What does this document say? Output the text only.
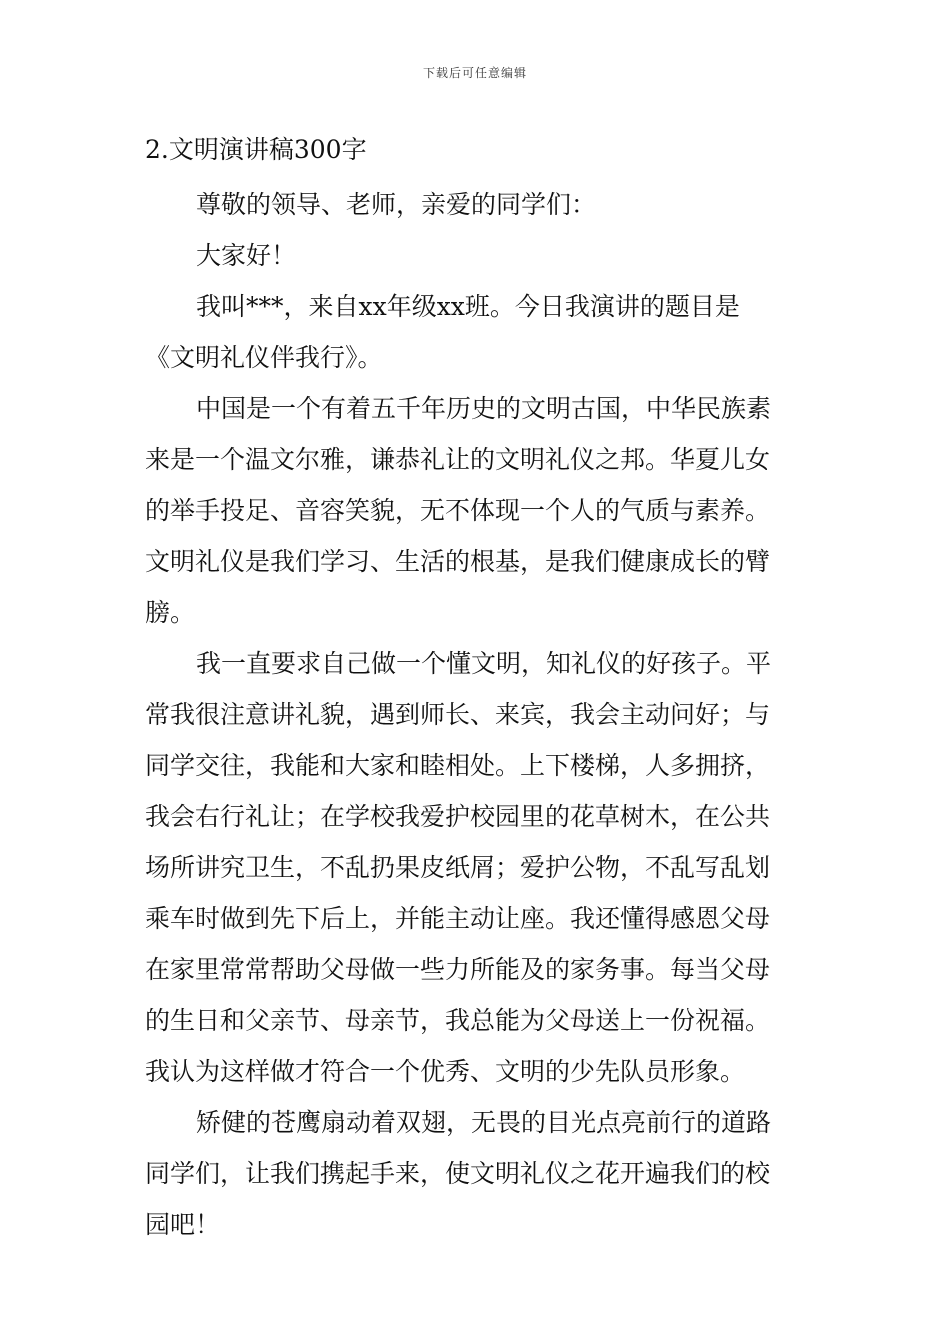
下载后可任意编辑

2.文明演讲稿300字

尊敬的领导、老师，亲爱的同学们：

大家好！

我叫***，来自xx年级xx班。今日我演讲的题目是

《文明礼仪伴我行》。

中国是一个有着五千年历史的文明古国，中华民族素

来是一个温文尔雅，谦恭礼让的文明礼仪之邦。华夏儿女

的举手投足、音容笑貌，无不体现一个人的气质与素养。

文明礼仪是我们学习、生活的根基，是我们健康成长的臂

膀。

我一直要求自己做一个懂文明，知礼仪的好孩子。平

常我很注意讲礼貌，遇到师长、来宾，我会主动问好；与

同学交往，我能和大家和睦相处。上下楼梯，人多拥挤，

我会右行礼让；在学校我爱护校园里的花草树木，在公共

场所讲究卫生，不乱扔果皮纸屑；爱护公物，不乱写乱划

乘车时做到先下后上，并能主动让座。我还懂得感恩父母

在家里常常帮助父母做一些力所能及的家务事。每当父母

的生日和父亲节、母亲节，我总能为父母送上一份祝福。

我认为这样做才符合一个优秀、文明的少先队员形象。

矫健的苍鹰扇动着双翅，无畏的目光点亮前行的道路

同学们，让我们携起手来，使文明礼仪之花开遍我们的校

园吧！
